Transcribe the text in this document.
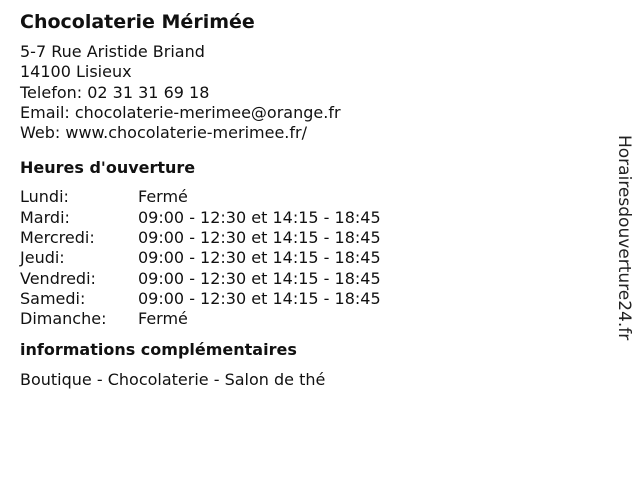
Chocolaterie Mérimée
5-7 Rue Aristide Briand
14100 Lisieux
Telefon: 02 31 31 69 18
Email: chocolaterie-merimee@orange.fr
Web: www.chocolaterie-merimee.fr/
Heures d'ouverture
Lundi:	Fermé
Mardi:	09:00 - 12:30 et 14:15 - 18:45
Mercredi:	09:00 - 12:30 et 14:15 - 18:45
Jeudi:	09:00 - 12:30 et 14:15 - 18:45
Vendredi:	09:00 - 12:30 et 14:15 - 18:45
Samedi:	09:00 - 12:30 et 14:15 - 18:45
Dimanche:	Fermé
informations complémentaires
Boutique - Chocolaterie - Salon de thé
Horairesdouverture24.fr
